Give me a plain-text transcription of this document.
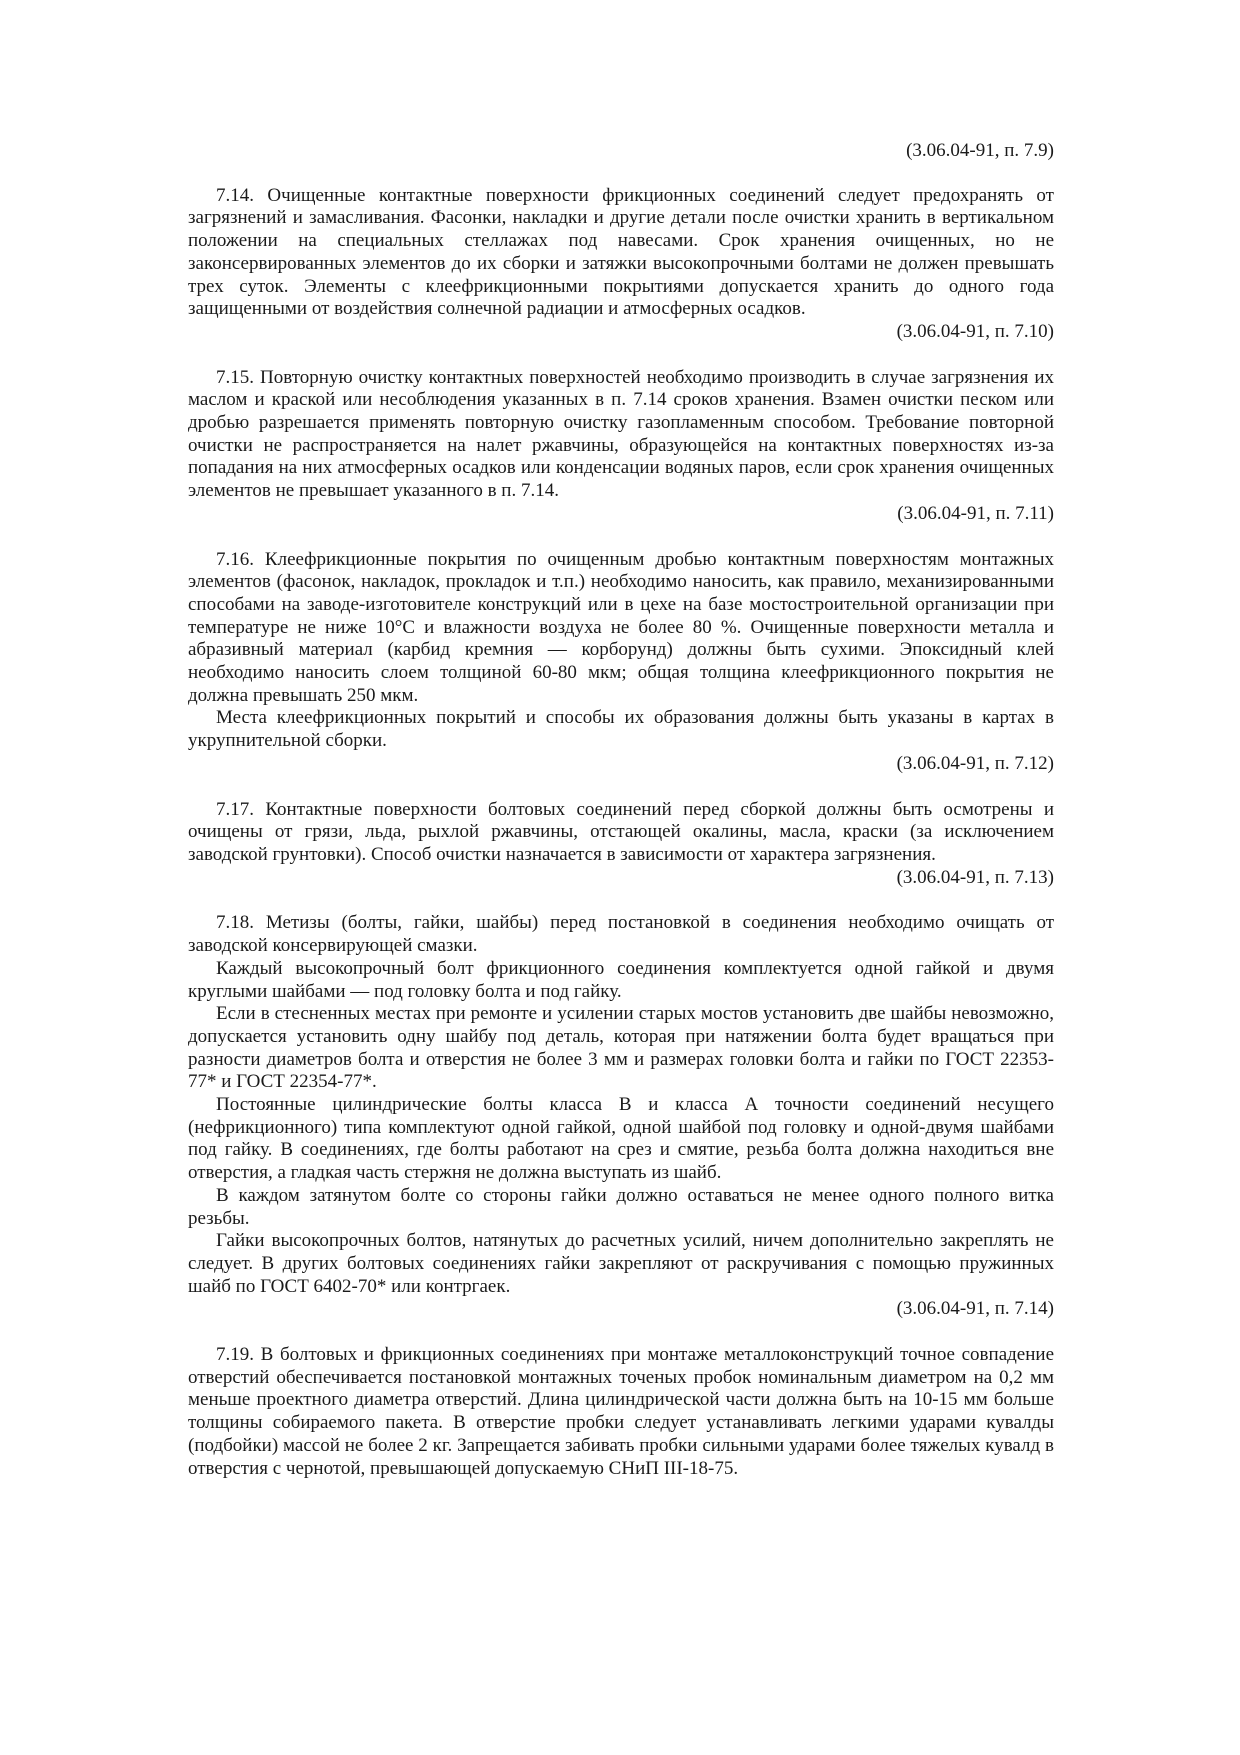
(3.06.04-91, п. 7.9)

7.14. Очищенные контактные поверхности фрикционных соединений следует предохранять от загрязнений и замасливания. Фасонки, накладки и другие детали после очистки хранить в вертикальном положении на специальных стеллажах под навесами. Срок хранения очищенных, но не законсервированных элементов до их сборки и затяжки высокопрочными болтами не должен превышать трех суток. Элементы с клеефрикционными покрытиями допускается хранить до одного года защищенными от воздействия солнечной радиации и атмосферных осадков.

(3.06.04-91, п. 7.10)

7.15. Повторную очистку контактных поверхностей необходимо производить в случае загрязнения их маслом и краской или несоблюдения указанных в п. 7.14 сроков хранения. Взамен очистки песком или дробью разрешается применять повторную очистку газопламенным способом. Требование повторной очистки не распространяется на налет ржавчины, образующейся на контактных поверхностях из-за попадания на них атмосферных осадков или конденсации водяных паров, если срок хранения очищенных элементов не превышает указанного в п. 7.14.

(3.06.04-91, п. 7.11)

7.16. Клеефрикционные покрытия по очищенным дробью контактным поверхностям монтажных элементов (фасонок, накладок, прокладок и т.п.) необходимо наносить, как правило, механизированными способами на заводе-изготовителе конструкций или в цехе на базе мостостроительной организации при температуре не ниже 10°С и влажности воздуха не более 80 %. Очищенные поверхности металла и абразивный материал (карбид кремния — корборунд) должны быть сухими. Эпоксидный клей необходимо наносить слоем толщиной 60-80 мкм; общая толщина клеефрикционного покрытия не должна превышать 250 мкм.

Места клеефрикционных покрытий и способы их образования должны быть указаны в картах в укрупнительной сборки.

(3.06.04-91, п. 7.12)

7.17. Контактные поверхности болтовых соединений перед сборкой должны быть осмотрены и очищены от грязи, льда, рыхлой ржавчины, отстающей окалины, масла, краски (за исключением заводской грунтовки). Способ очистки назначается в зависимости от характера загрязнения.

(3.06.04-91, п. 7.13)

7.18. Метизы (болты, гайки, шайбы) перед постановкой в соединения необходимо очищать от заводской консервирующей смазки.

Каждый высокопрочный болт фрикционного соединения комплектуется одной гайкой и двумя круглыми шайбами — под головку болта и под гайку.

Если в стесненных местах при ремонте и усилении старых мостов установить две шайбы невозможно, допускается установить одну шайбу под деталь, которая при натяжении болта будет вращаться при разности диаметров болта и отверстия не более 3 мм и размерах головки болта и гайки по ГОСТ 22353-77* и ГОСТ 22354-77*.

Постоянные цилиндрические болты класса В и класса А точности соединений несущего (нефрикционного) типа комплектуют одной гайкой, одной шайбой под головку и одной-двумя шайбами под гайку. В соединениях, где болты работают на срез и смятие, резьба болта должна находиться вне отверстия, а гладкая часть стержня не должна выступать из шайб.

В каждом затянутом болте со стороны гайки должно оставаться не менее одного полного витка резьбы.

Гайки высокопрочных болтов, натянутых до расчетных усилий, ничем дополнительно закреплять не следует. В других болтовых соединениях гайки закрепляют от раскручивания с помощью пружинных шайб по ГОСТ 6402-70* или контргаек.

(3.06.04-91, п. 7.14)

7.19. В болтовых и фрикционных соединениях при монтаже металлоконструкций точное совпадение отверстий обеспечивается постановкой монтажных точеных пробок номинальным диаметром на 0,2 мм меньше проектного диаметра отверстий. Длина цилиндрической части должна быть на 10-15 мм больше толщины собираемого пакета. В отверстие пробки следует устанавливать легкими ударами кувалды (подбойки) массой не более 2 кг. Запрещается забивать пробки сильными ударами более тяжелых кувалд в отверстия с чернотой, превышающей допускаемую СНиП III-18-75.
